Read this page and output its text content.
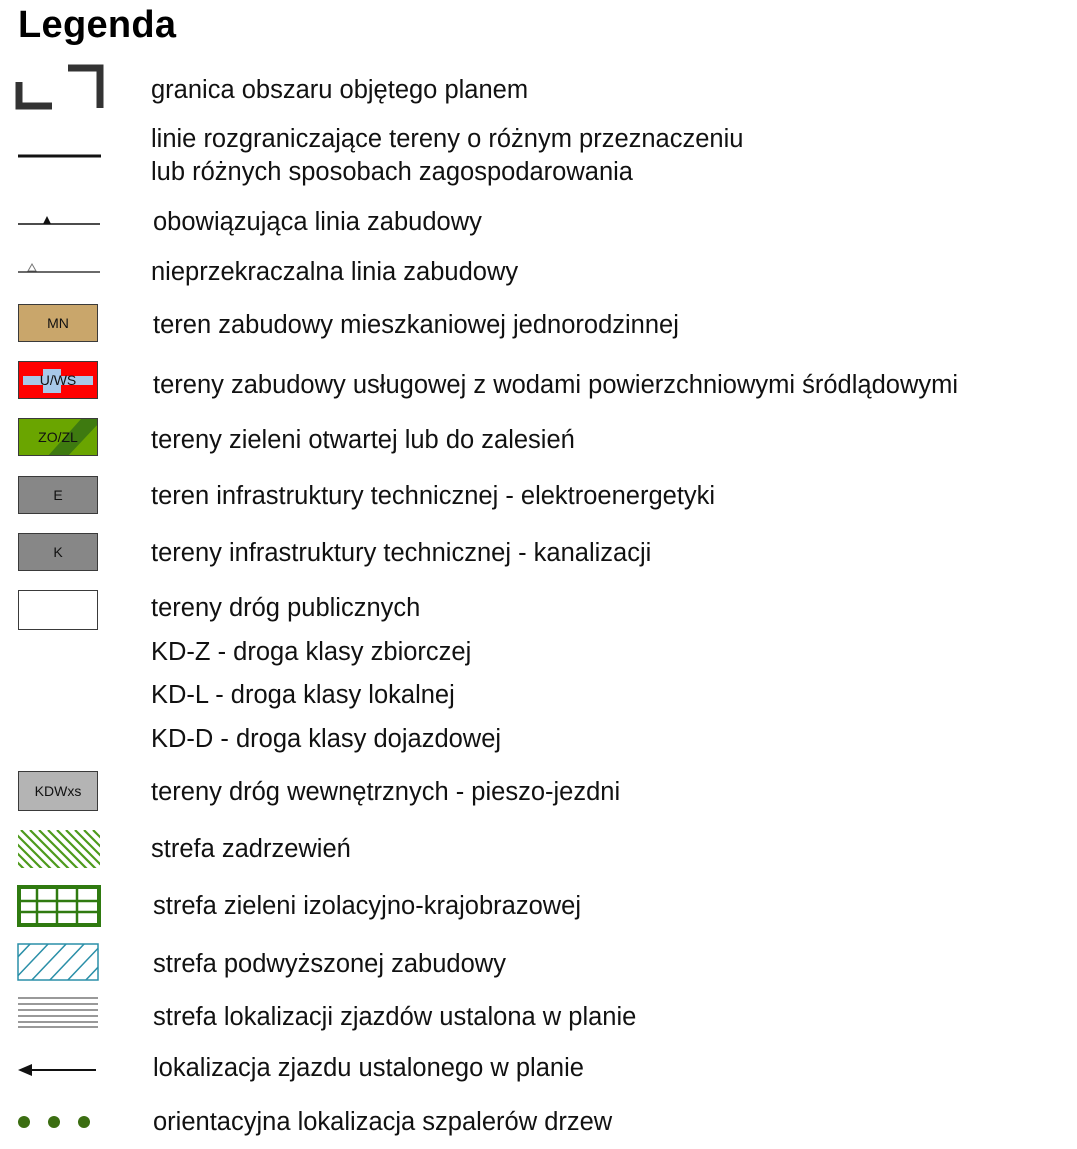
Legenda
granica obszaru objętego planem
linie rozgraniczające tereny o różnym przeznaczeniu
lub różnych sposobach zagospodarowania
obowiązująca linia zabudowy
nieprzekraczalna linia zabudowy
MN	teren zabudowy mieszkaniowej jednorodzinnej
U/WS	tereny zabudowy usługowej z wodami powierzchniowymi śródlądowymi
ZO/ZL	tereny zieleni otwartej lub do zalesień
E	teren infrastruktury technicznej - elektroenergetyki
K	tereny infrastruktury technicznej - kanalizacji
tereny dróg publicznych
KD-Z - droga klasy zbiorczej
KD-L - droga klasy lokalnej
KD-D - droga klasy dojazdowej
KDWxs	tereny dróg wewnętrznych - pieszo-jezdni
strefa zadrzewień
strefa zieleni izolacyjno-krajobrazowej
strefa podwyższonej zabudowy
strefa lokalizacji zjazdów ustalona w planie
lokalizacja zjazdu ustalonego w planie
orientacyjna lokalizacja szpalerów drzew
